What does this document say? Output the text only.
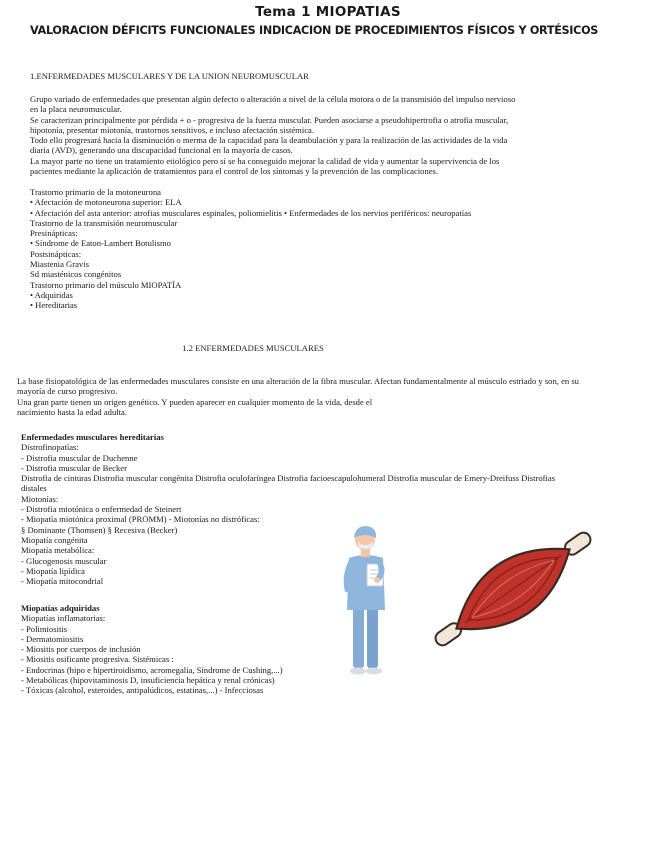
Tema 1 MIOPATIAS
VALORACION DÉFICITS FUNCIONALES INDICACION DE PROCEDIMIENTOS FÍSICOS Y ORTÉSICOS
1.ENFERMEDADES MUSCULARES Y DE LA UNION NEUROMUSCULAR

Grupo variado de enfermedades que presentan algún defecto o alteración a nivel de la célula motora o de la transmisión del impulso nervioso

en la placa neuromuscular.

Se caracterizan principalmente por pérdida + o - progresiva de la fuerza muscular. Pueden asociarse a pseudohipertrofia o atrofia muscular,

hipotonía, presentar miotonía, trastornos sensitivos, e incluso afectación sistémica.

Todo ello progresará hacia la disminución o merma de la capacidad para la deambulación y para la realización de las actividades de la vida

diaria (AVD), generando una discapacidad funcional en la mayoría de casos.

La mayor parte no tiene un tratamiento etiológico pero sí se ha conseguido mejorar la calidad de vida y aumentar la supervivencia de los

pacientes mediante la aplicación de tratamientos para el control de los síntomas y la prevención de las complicaciones.

Trastorno primario de la motoneurona

• Afectación de motoneurona superior: ELA

• Afectación del asta anterior: atrofias musculares espinales, poliomielitis • Enfermedades de los nervios periféricos: neuropatías

Trastorno de la transmisión neuromuscular

Presinápticas:

• Síndrome de Eaton-Lambert Botulismo

Postsinápticas:

Miastenia Gravis

Sd miasténicos congénitos

Trastorno primario del músculo MIOPATÍA

• Adquiridas

• Hereditarias

1.2 ENFERMEDADES MUSCULARES

La base fisiopatológica de las enfermedades musculares consiste en una alteración de la fibra muscular. Afectan fundamentalmente al músculo estriado y son, en su

mayoría de curso progresivo.

Una gran parte tienen un origen genético. Y pueden aparecer en cualquier momento de la vida, desde el

nacimiento hasta la edad adulta.

Enfermedades musculares hereditarias

Distrofinopatías:

- Distrofia muscular de Duchenne

- Distrofia muscular de Becker

Distrofia de cinturas Distrofia muscular congénita Distrofia oculofaríngea Distrofia facioescapulohumeral Distrofia muscular de Emery-Dreifuss Distrofias

distales

Miotonías:

- Distrofia miotónica o enfermedad de Steinert

- Miopatía miotónica proximal (PROMM) - Miotonías no distróficas:

§ Dominante (Thomsen) § Recesiva (Becker)

Miopatía congénita

Miopatía metabólica:

- Glucogenosis muscular

- Miopatía lipídica

- Miopatía mitocondrial

Miopatías adquiridas

Miopatías inflamatorias:

- Polimiositis

- Dermatomiositis

- Miositis por cuerpos de inclusión

- Miositis osificante progresiva. Sistémicas :

- Endocrinas (hipo e hipertiroidismo, acromegalia, Síndrome de Cushing,...)

- Metabólicas (hipovitaminosis D, insuficiencia hepática y renal crónicas)

- Tóxicas (alcohol, esteroides, antipalúdicos, estatinas,...) - Infecciosas
